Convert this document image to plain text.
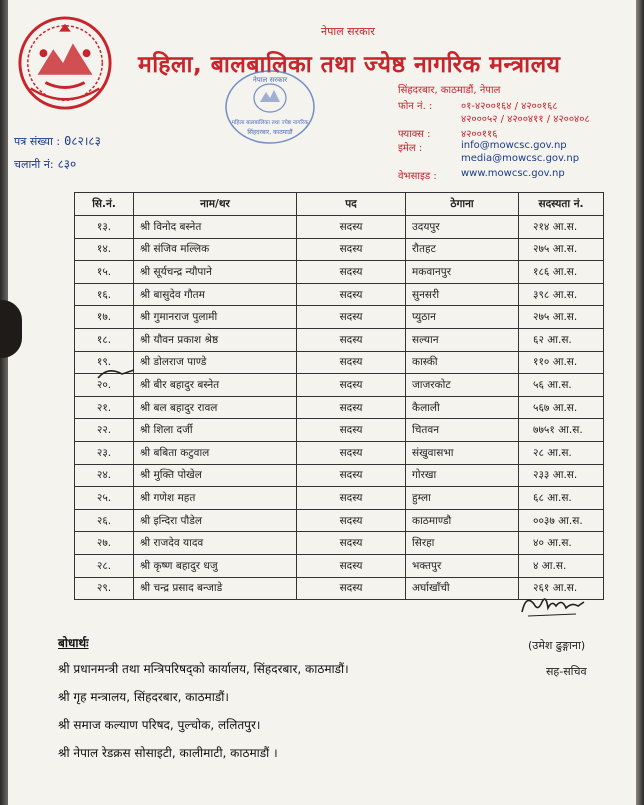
नेपाल सरकार
महिला, बालबालिका तथा ज्येष्ठ नागरिक मन्त्रालय
नेपाल सरकार
महिला बालबालिका तथा ज्येष्ठ नागरिक
सिंहदरबार, काठमाडौं
सिंहदरबार, काठमाडौं, नेपाल
फोन नं. :	०१-४२००१६४ / ४२००१६८
४२०००५२ / ४२००४११ / ४२००४०८
फ्याक्स :	४२००११६
इमेल :	info@mowcsc.gov.np
media@mowcsc.gov.np
वेभसाइड : www.mowcsc.gov.np
पत्र संख्या : 0८२।८३
चलानी नं: ८३०
सि.नं.	नाम/थर	पद	ठेगाना	सदस्यता नं.
१३.	श्री विनोद बस्नेत	सदस्य	उदयपुर	२१४ आ.स.
१४.	श्री संजिव मल्लिक	सदस्य	रौतहट	२७५ आ.स.
१५.	श्री सूर्यचन्द्र न्यौपाने	सदस्य	मकवानपुर	१८६ आ.स.
१६.	श्री बासुदेव गौतम	सदस्य	सुनसरी	३९८ आ.स.
१७.	श्री गुमानराज पुलामी	सदस्य	प्युठान	२७५ आ.स.
१८.	श्री यौवन प्रकाश श्रेष्ठ	सदस्य	सल्यान	६२ आ.स.
१९.	श्री डोलराज पाण्डे	सदस्य	कास्की	११० आ.स.
२०.	श्री बीर बहादुर बस्नेत	सदस्य	जाजरकोट	५६ आ.स.
२१.	श्री बल बहादुर रावल	सदस्य	कैलाली	५६७ आ.स.
२२.	श्री शिला दर्जी	सदस्य	चितवन	७७५१ आ.स.
२३.	श्री बबिता कटुवाल	सदस्य	संखुवासभा	२८ आ.स.
२४.	श्री मुक्ति पोखेल	सदस्य	गोरखा	२३३ आ.स.
२५.	श्री गणेश महत	सदस्य	हुम्ला	६८ आ.स.
२६.	श्री इन्दिरा पौडेल	सदस्य	काठमाण्डौ	००३७ आ.स.
२७.	श्री राजदेव यादव	सदस्य	सिरहा	४० आ.स.
२८.	श्री कृष्ण बहादुर धजु	सदस्य	भक्तपुर	४ आ.स.
२९.	श्री चन्द्र प्रसाद बन्जाडे	सदस्य	अर्घाखाँची	२६१ आ.स.
(उमेश ढुङ्गाना)
सह-सचिव
बोधार्थः
श्री प्रधानमन्त्री तथा मन्त्रिपरिषद्को कार्यालय, सिंहदरबार, काठमाडौं।
श्री गृह मन्त्रालय, सिंहदरबार, काठमाडौं।
श्री समाज कल्याण परिषद, पुल्चोक, ललितपुर।
श्री नेपाल रेडक्रस सोसाइटी, कालीमाटी, काठमाडौं ।
